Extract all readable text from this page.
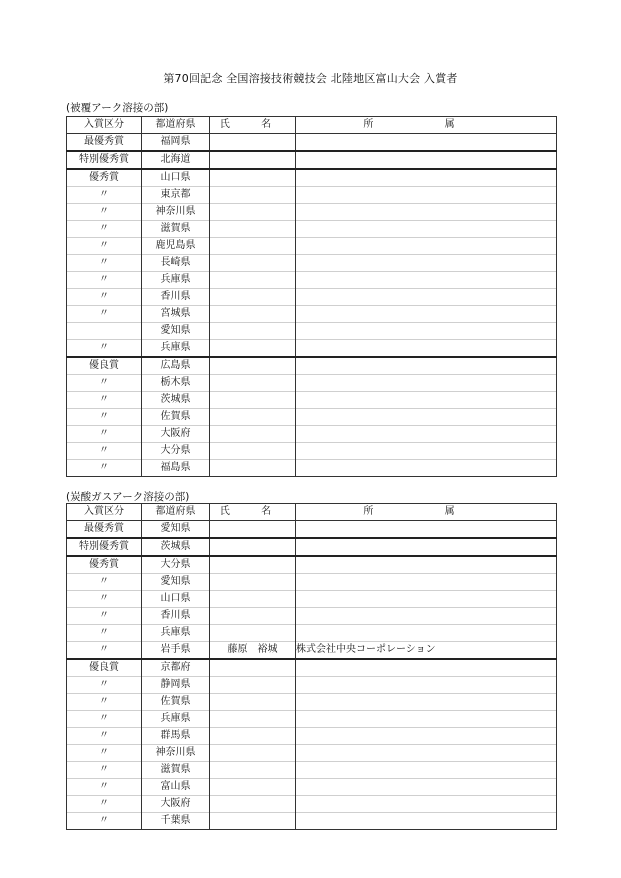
第70回記念 全国溶接技術競技会 北陸地区富山大会 入賞者
(被覆アーク溶接の部)
入賞区分	都道府県	氏 名	所 属
最優秀賞	福岡県		
特別優秀賞	北海道		
優秀賞	山口県		
〃	東京都		
〃	神奈川県		
〃	滋賀県		
〃	鹿児島県		
〃	長崎県		
〃	兵庫県		
〃	香川県		
〃	宮城県		
	愛知県		
〃	兵庫県		
優良賞	広島県		
〃	栃木県		
〃	茨城県		
〃	佐賀県		
〃	大阪府		
〃	大分県		
〃	福島県		
(炭酸ガスアーク溶接の部)
入賞区分	都道府県	氏 名	所 属
最優秀賞	愛知県		
特別優秀賞	茨城県		
優秀賞	大分県		
〃	愛知県		
〃	山口県		
〃	香川県		
〃	兵庫県		
〃	岩手県	藤原　裕城	株式会社中央コーポレーション
優良賞	京都府		
〃	静岡県		
〃	佐賀県		
〃	兵庫県		
〃	群馬県		
〃	神奈川県		
〃	滋賀県		
〃	富山県		
〃	大阪府		
〃	千葉県		
